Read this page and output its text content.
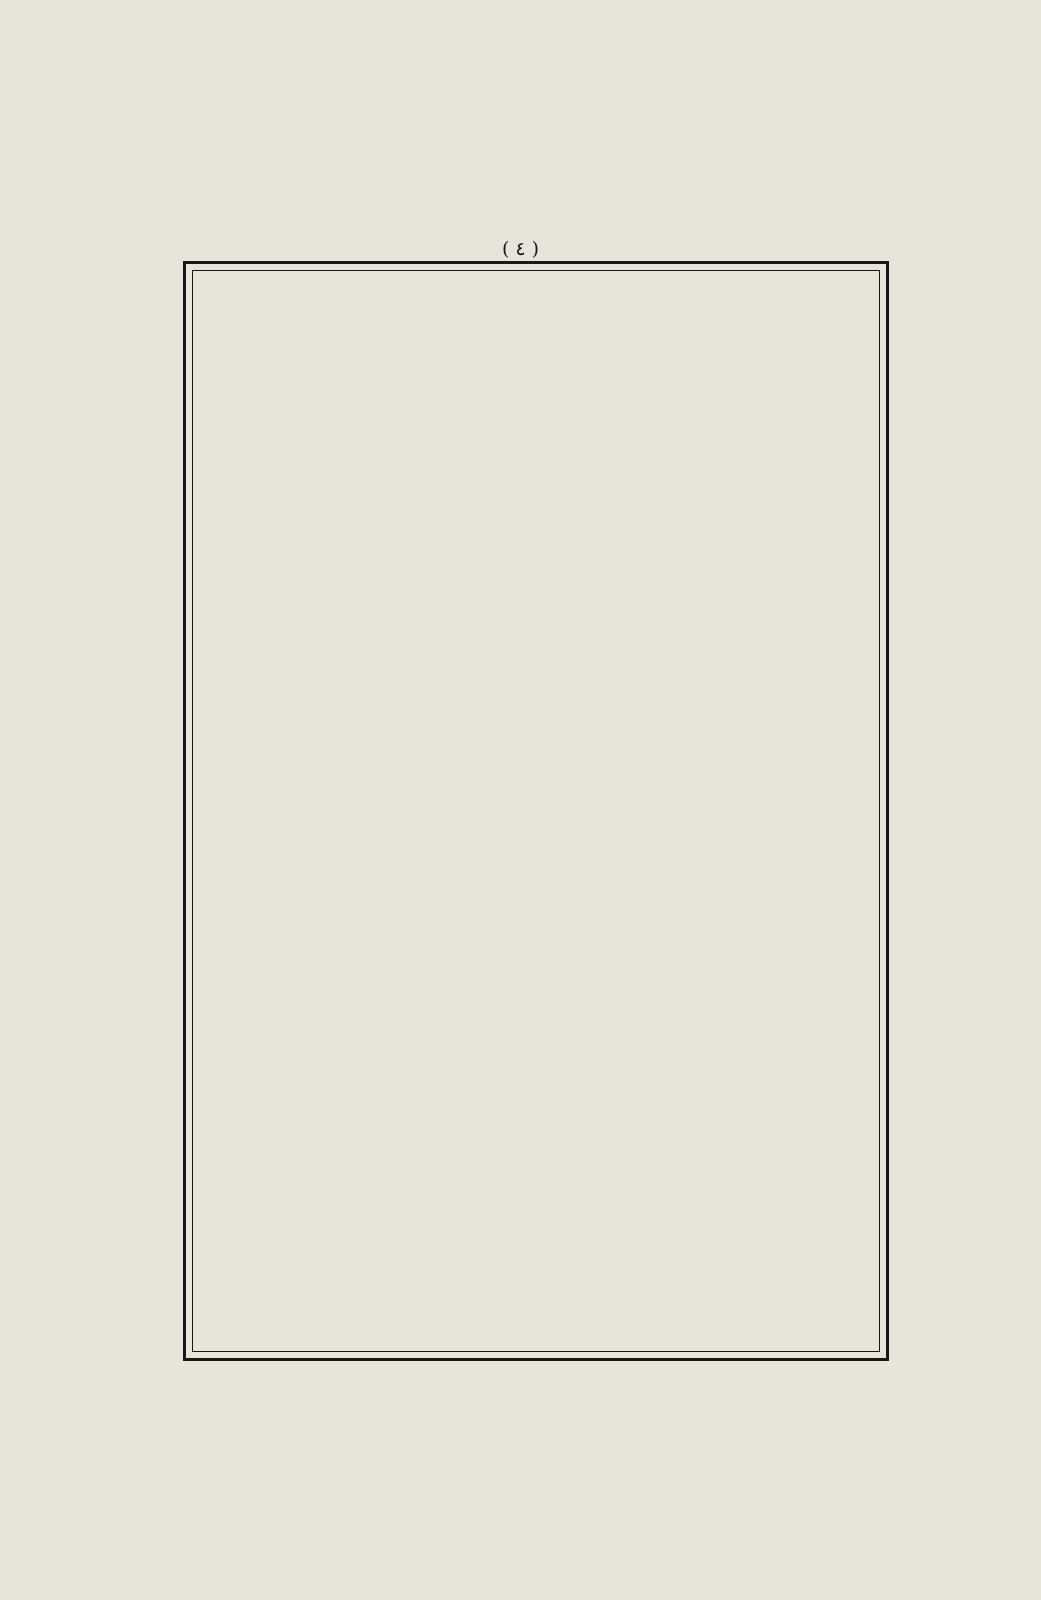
( ٤ )
